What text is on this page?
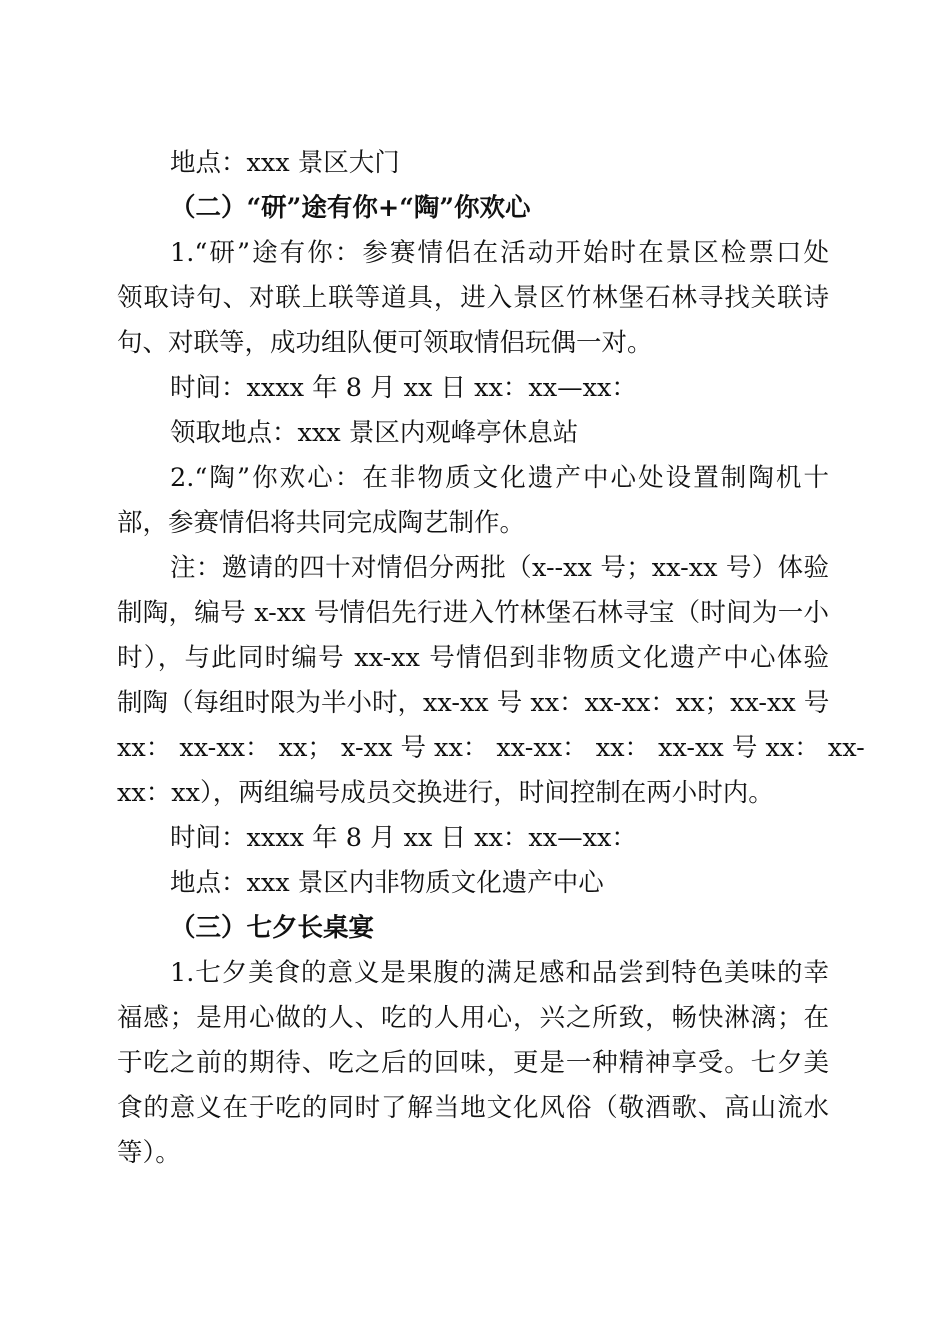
地点：xxx 景区大门

（二）“研”途有你+“陶”你欢心

1.“研”途有你：参赛情侣在活动开始时在景区检票口处

领取诗句、对联上联等道具，进入景区竹林堡石林寻找关联诗

句、对联等，成功组队便可领取情侣玩偶一对。

时间：xxxx 年 8 月 xx 日 xx：xx—xx：

领取地点：xxx 景区内观峰亭休息站

2.“陶”你欢心：在非物质文化遗产中心处设置制陶机十

部，参赛情侣将共同完成陶艺制作。

注：邀请的四十对情侣分两批（x--xx 号；xx-xx 号）体验

制陶，编号 x-xx 号情侣先行进入竹林堡石林寻宝（时间为一小

时），与此同时编号 xx-xx 号情侣到非物质文化遗产中心体验

制陶（每组时限为半小时，xx-xx 号 xx：xx-xx：xx；xx-xx 号

xx： xx-xx： xx； x-xx 号 xx： xx-xx： xx： xx-xx 号 xx： xx-

xx：xx），两组编号成员交换进行，时间控制在两小时内。

时间：xxxx 年 8 月 xx 日 xx：xx—xx：

地点：xxx 景区内非物质文化遗产中心

（三）七夕长桌宴

1.七夕美食的意义是果腹的满足感和品尝到特色美味的幸

福感；是用心做的人、吃的人用心，兴之所致，畅快淋漓；在

于吃之前的期待、吃之后的回味，更是一种精神享受。七夕美

食的意义在于吃的同时了解当地文化风俗（敬酒歌、高山流水

等）。
